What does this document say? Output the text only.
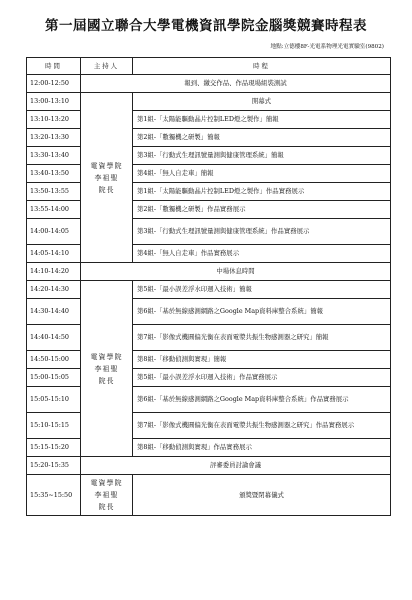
第一屆國立聯合大學電機資訊學院金腦獎競賽時程表
地點:立德樓8F-光電系物理光電實驗室(9802)
時間	主持人	時程
12:00-12:50	報到、繳交作品、作品現場組裝測試	
13:00-13:10	電資學院
李祖聖
院長	開幕式
13:10-13:20		第1組-「太陽能驅動晶片控制LED燈之製作」簡報
13:20-13:30		第2組-「數獨機之研製」簡報
13:30-13:40		第3組-「行動式生理訊號量測與健康管理系統」簡報
13:40-13:50		第4組-「無人自走車」簡報
13:50-13:55		第1組-「太陽能驅動晶片控制LED燈之製作」作品實務展示
13:55-14:00		第2組-「數獨機之研製」作品實務展示
14:00-14:05		第3組-「行動式生理訊號量測與健康管理系統」作品實務展示
14:05-14:10		第4組-「無人自走車」作品實務展示
14:10-14:20	中場休息時間	
14:20-14:30	電資學院
李祖聖
院長	第5組-「最小誤差浮水印週入技術」簡報
14:30-14:40		第6組-「基於無線感測網路之Google Map資料庫整合系統」簡報
14:40-14:50		第7組-「影像式機圓偏光衡在表面電漿共振生物感測器之研究」簡報
14:50-15:00		第8組-「移動偵測與實現」簡報
15:00-15:05		第5組-「最小誤差浮水印週入技術」作品實務展示
15:05-15:10		第6組-「基於無線感測網路之Google Map資料庫整合系統」作品實務展示
15:10-15:15		第7組-「影像式機圓偏光衡在表面電漿共振生物感測器之研究」作品實務展示
15:15-15:20		第8組-「移動偵測與實現」作品實務展示
15:20-15:35	評審委員討論會議	
15:35~15:50	電資學院
李祖聖
院長	頒獎暨閉幕儀式
